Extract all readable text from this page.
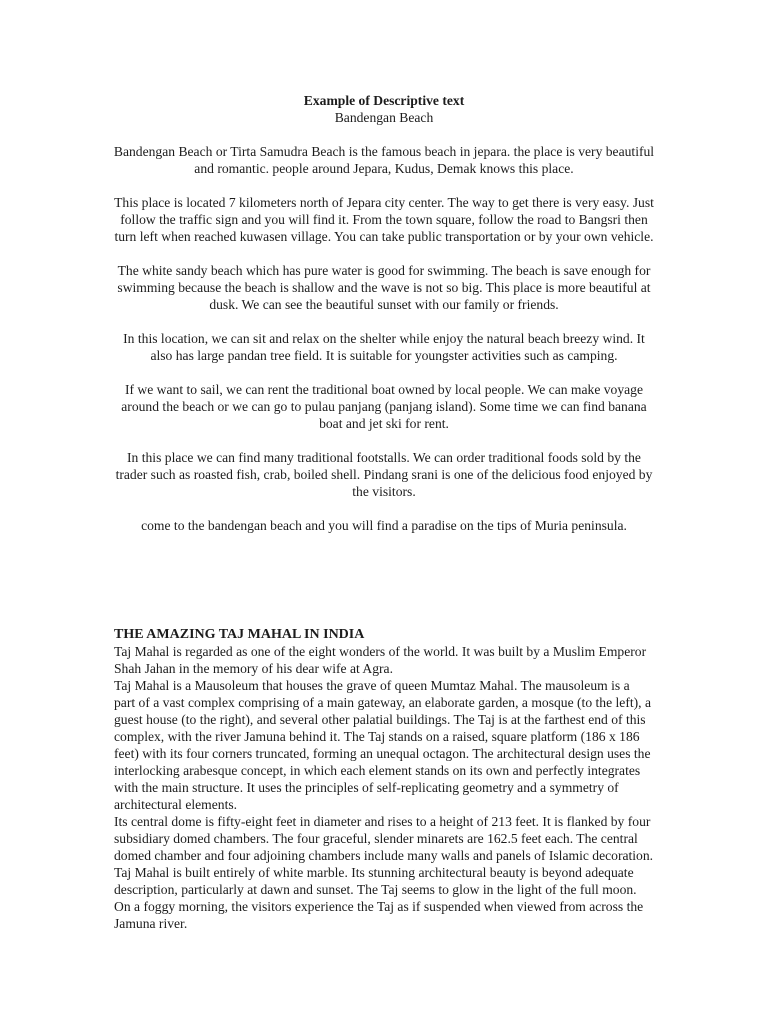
Example of Descriptive text
Bandengan Beach

Bandengan Beach or Tirta Samudra Beach is the famous beach in jepara. the place is very beautiful and romantic. people around Jepara, Kudus, Demak knows this place.

This place is located 7 kilometers north of Jepara city center. The way to get there is very easy. Just follow the traffic sign and you will find it. From the town square, follow the road to Bangsri then turn left when reached kuwasen village. You can take public transportation or by your own vehicle.

The white sandy beach which has pure water is good for swimming. The beach is save enough for swimming because the beach is shallow and the wave is not so big. This place is more beautiful at dusk. We can see the beautiful sunset with our family or friends.

In this location, we can sit and relax on the shelter while enjoy the natural beach breezy wind. It also has large pandan tree field. It is suitable for youngster activities such as camping.

If we want to sail, we can rent the traditional boat owned by local people. We can make voyage around the beach or we can go to pulau panjang (panjang island). Some time we can find banana boat and jet ski for rent.

In this place we can find many traditional footstalls. We can order traditional foods sold by the trader such as roasted fish, crab, boiled shell. Pindang srani is one of the delicious food enjoyed by the visitors.

come to the bandengan beach and you will find a paradise on the tips of Muria peninsula.

THE AMAZING TAJ MAHAL IN INDIA

Taj Mahal is regarded as one of the eight wonders of the world. It was built by a Muslim Emperor Shah Jahan in the memory of his dear wife at Agra.

Taj Mahal is a Mausoleum that houses the grave of queen Mumtaz Mahal. The mausoleum is a part of a vast complex comprising of a main gateway, an elaborate garden, a mosque (to the left), a guest house (to the right), and several other palatial buildings. The Taj is at the farthest end of this complex, with the river Jamuna behind it. The Taj stands on a raised, square platform (186 x 186 feet) with its four corners truncated, forming an unequal octagon. The architectural design uses the interlocking arabesque concept, in which each element stands on its own and perfectly integrates with the main structure. It uses the principles of self-replicating geometry and a symmetry of architectural elements.

Its central dome is fifty-eight feet in diameter and rises to a height of 213 feet. It is flanked by four subsidiary domed chambers. The four graceful, slender minarets are 162.5 feet each. The central domed chamber and four adjoining chambers include many walls and panels of Islamic decoration.

Taj Mahal is built entirely of white marble. Its stunning architectural beauty is beyond adequate description, particularly at dawn and sunset. The Taj seems to glow in the light of the full moon. On a foggy morning, the visitors experience the Taj as if suspended when viewed from across the Jamuna river.
